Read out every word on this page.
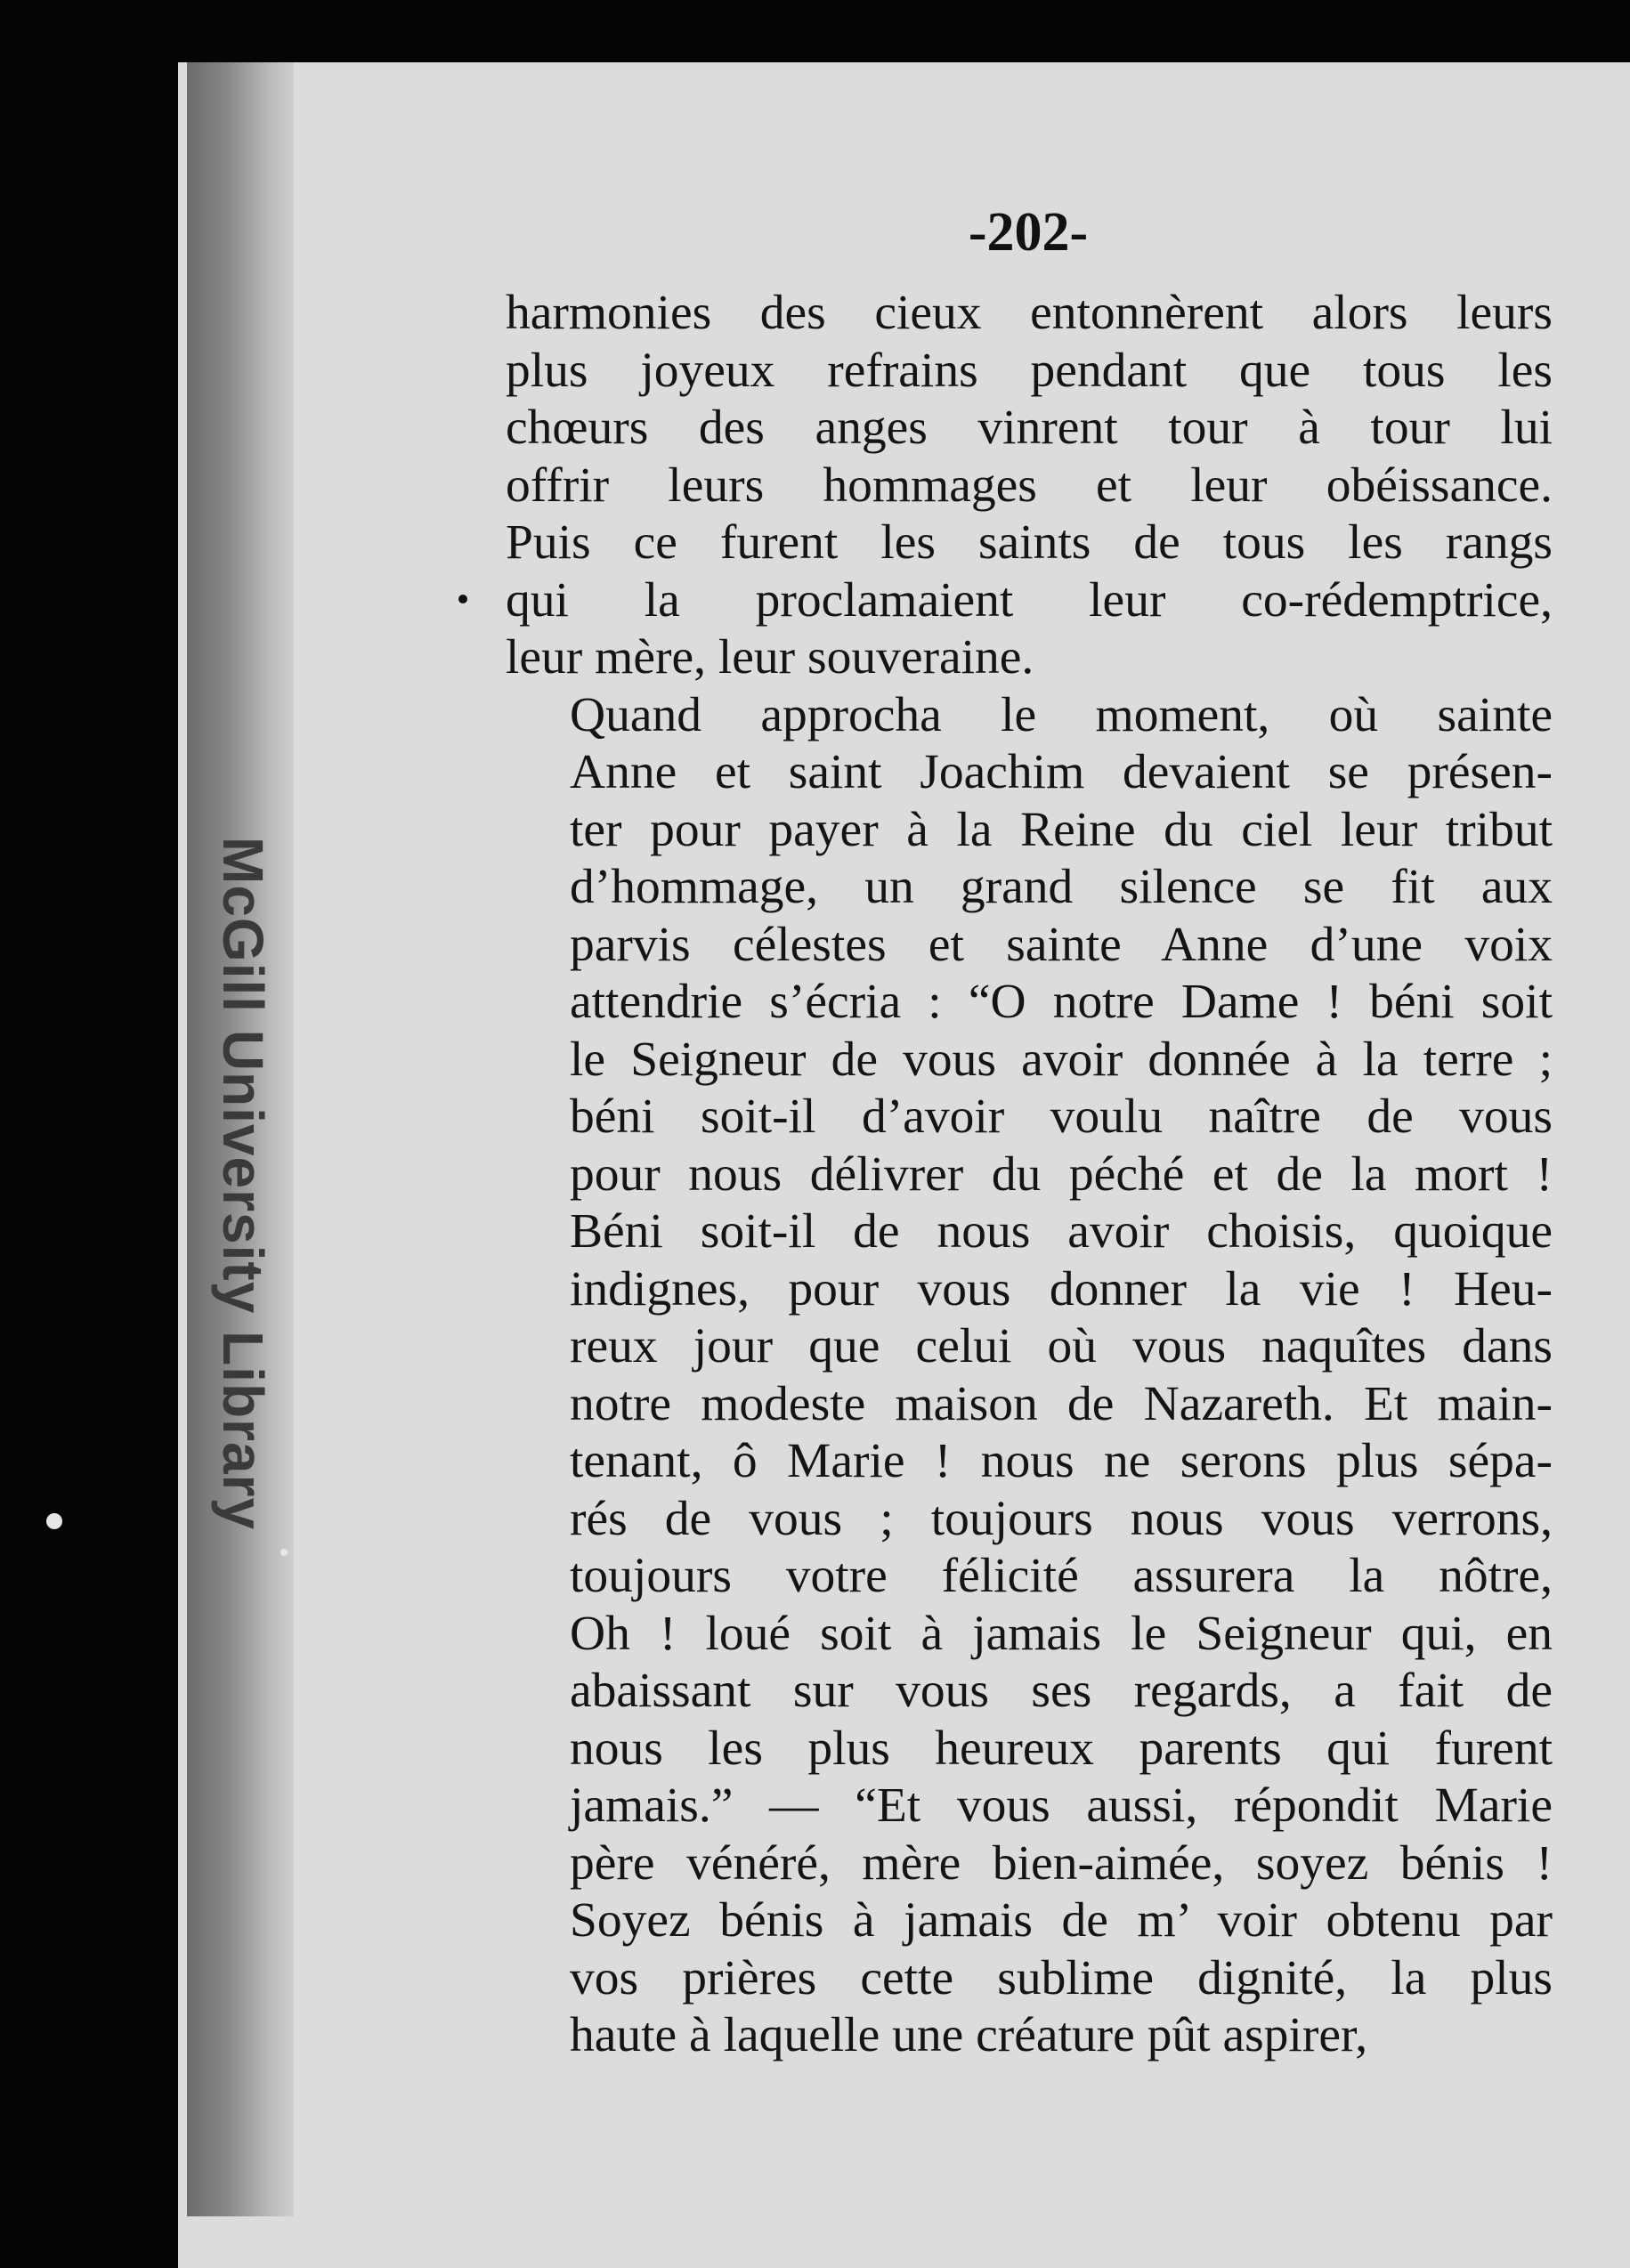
McGill University Library
-202-

harmonies des cieux entonnèrent alors leurs
plus joyeux refrains pendant que tous les
chœurs des anges vinrent tour à tour lui
offrir leurs hommages et leur obéissance.
Puis ce furent les saints de tous les rangs
qui la proclamaient leur co-rédemptrice,
leur mère, leur souveraine.

Quand approcha le moment, où sainte
Anne et saint Joachim devaient se présen-
ter pour payer à la Reine du ciel leur tribut
d’hommage, un grand silence se fit aux
parvis célestes et sainte Anne d’une voix
attendrie s’écria : “O notre Dame ! béni soit
le Seigneur de vous avoir donnée à la terre ;
béni soit-il d’avoir voulu naître de vous
pour nous délivrer du péché et de la mort !
Béni soit-il de nous avoir choisis, quoique
indignes, pour vous donner la vie ! Heu-
reux jour que celui où vous naquîtes dans
notre modeste maison de Nazareth. Et main-
tenant, ô Marie ! nous ne serons plus sépa-
rés de vous ; toujours nous vous verrons,
toujours votre félicité assurera la nôtre,
Oh ! loué soit à jamais le Seigneur qui, en
abaissant sur vous ses regards, a fait de
nous les plus heureux parents qui furent
jamais.” — “Et vous aussi, répondit Marie
père vénéré, mère bien-aimée, soyez bénis !
Soyez bénis à jamais de m’ voir obtenu par
vos prières cette sublime dignité, la plus
haute à laquelle une créature pût aspirer,
